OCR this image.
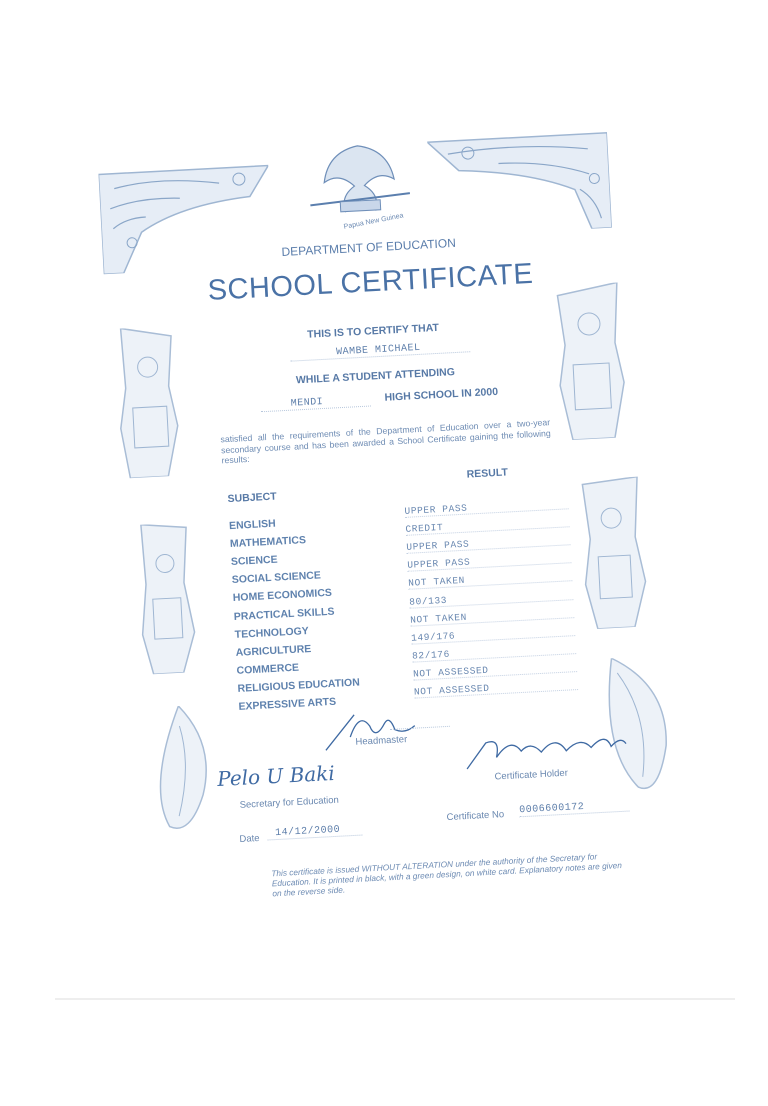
Papua New Guinea
DEPARTMENT OF EDUCATION
SCHOOL CERTIFICATE
THIS IS TO CERTIFY THAT
WAMBE MICHAEL
WHILE A STUDENT ATTENDING
MENDI	HIGH SCHOOL IN 2000
satisfied all the requirements of the Department of Education over a two-year secondary course and has been awarded a School Certificate gaining the following results:
SUBJECT
RESULT
ENGLISH
UPPER PASS
MATHEMATICS
CREDIT
SCIENCE
UPPER PASS
SOCIAL SCIENCE
UPPER PASS
HOME ECONOMICS
NOT TAKEN
PRACTICAL SKILLS
80/133
TECHNOLOGY
NOT TAKEN
AGRICULTURE
149/176
COMMERCE
82/176
RELIGIOUS EDUCATION
NOT ASSESSED
EXPRESSIVE ARTS
NOT ASSESSED
Headmaster
Pelo U Baki
Secretary for Education
Certificate Holder
Date	14/12/2000
Certificate No 0006600172
This certificate is issued WITHOUT ALTERATION under the authority of the Secretary for Education. It is printed in black, with a green design, on white card. Explanatory notes are given on the reverse side.
